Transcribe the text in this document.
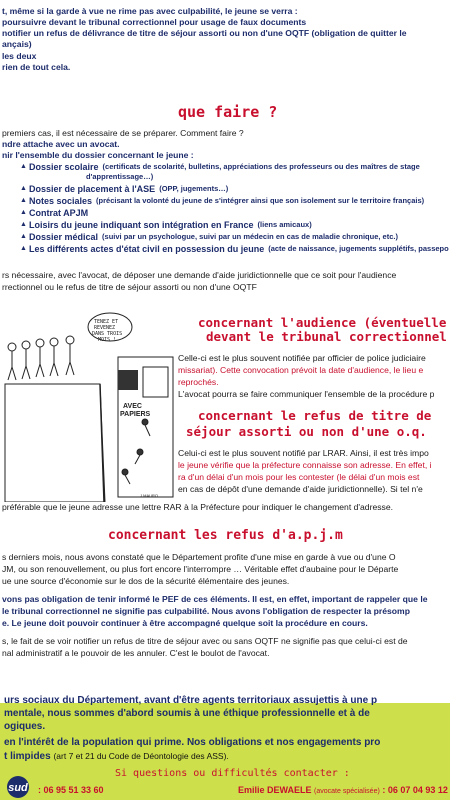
t, même si la garde à vue ne rime pas avec culpabilité, le jeune se verra :
poursuivre devant le tribunal correctionnel pour usage de faux documents
notifier un refus de délivrance de titre de séjour assorti ou non d'une OQTF (obligation de quitter le
ançais)
les deux
rien de tout cela.
que faire ?
premiers cas, il est nécessaire de se préparer. Comment faire ?
ndre attache avec un avocat.
nir l'ensemble du dossier concernant le jeune :
▲ Dossier scolaire (certificats de scolarité, bulletins, appréciations des professeurs ou des maîtres de stage
d'apprentissage…)
▲ Dossier de placement à l'ASE (OPP, jugements…)
▲ Notes sociales (précisant la volonté du jeune de s'intégrer ainsi que son isolement sur le territoire français)
▲ Contrat APJM
▲ Loisirs du jeune indiquant son intégration en France (liens amicaux)
▲ Dossier médical (suivi par un psychologue, suivi par un médecin en cas de maladie chronique, etc.)
▲ Les différents actes d'état civil en possession du jeune (acte de naissance, jugements supplétifs, passepo
rs nécessaire, avec l'avocat, de déposer une demande d'aide juridictionnelle que ce soit pour l'audience
rrectionnel ou le refus de titre de séjour assorti ou non d'une OQTF
TENEZ ET REVENEZ DANS TROIS MOIS !
AVEC PAPIERS
J.MAURO
concernant l'audience (éventuelle
devant le tribunal correctionnel
Celle-ci est le plus souvent notifiée par officier de police judiciaire
missariat). Cette convocation prévoit la date d'audience, le lieu e
reprochés.
L'avocat pourra se faire communiquer l'ensemble de la procédure p
concernant le refus de titre de
séjour assorti ou non d'une o.q.
Celui-ci est le plus souvent notifié par LRAR. Ainsi, il est très impo
le jeune vérifie que la préfecture connaisse son adresse. En effet, i
ra d'un délai d'un mois pour les contester (le délai d'un mois est
en cas de dépôt d'une demande d'aide juridictionnelle). Si tel n'e
préférable que le jeune adresse une lettre RAR à la Préfecture pour indiquer le changement d'adresse.
concernant les refus d'a.p.j.m
s derniers mois, nous avons constaté que le Département profite d'une mise en garde à vue ou d'une O
JM, ou son renouvellement, ou plus fort encore l'interrompre … Véritable effet d'aubaine pour le Départe
ue une source d'économie sur le dos de la sécurité élémentaire des jeunes.
vons pas obligation de tenir informé le PEF de ces éléments. Il est, en effet, important de rappeler que le
le tribunal correctionnel ne signifie pas culpabilité. Nous avons l'obligation de respecter la présomp
e. Le jeune doit pouvoir continuer à être accompagné quelque soit la procédure en cours.
s, le fait de se voir notifier un refus de titre de séjour avec ou sans OQTF ne signifie pas que celui-ci est de
nal administratif a le pouvoir de les annuler. C'est le boulot de l'avocat.
urs sociaux du Département, avant d'être agents territoriaux assujettis à une p
mentale, nous sommes d'abord soumis à une éthique professionnelle et à de
ogiques.
en l'intérêt de la population qui prime. Nos obligations et nos engagements pro
t limpides (art 7 et 21 du Code de Déontologie des ASS).
Si questions ou difficultés contacter :
sud : 06 95 51 33 60	Emilie DEWAELE (avocate spécialisée) : 06 07 04 93 12
